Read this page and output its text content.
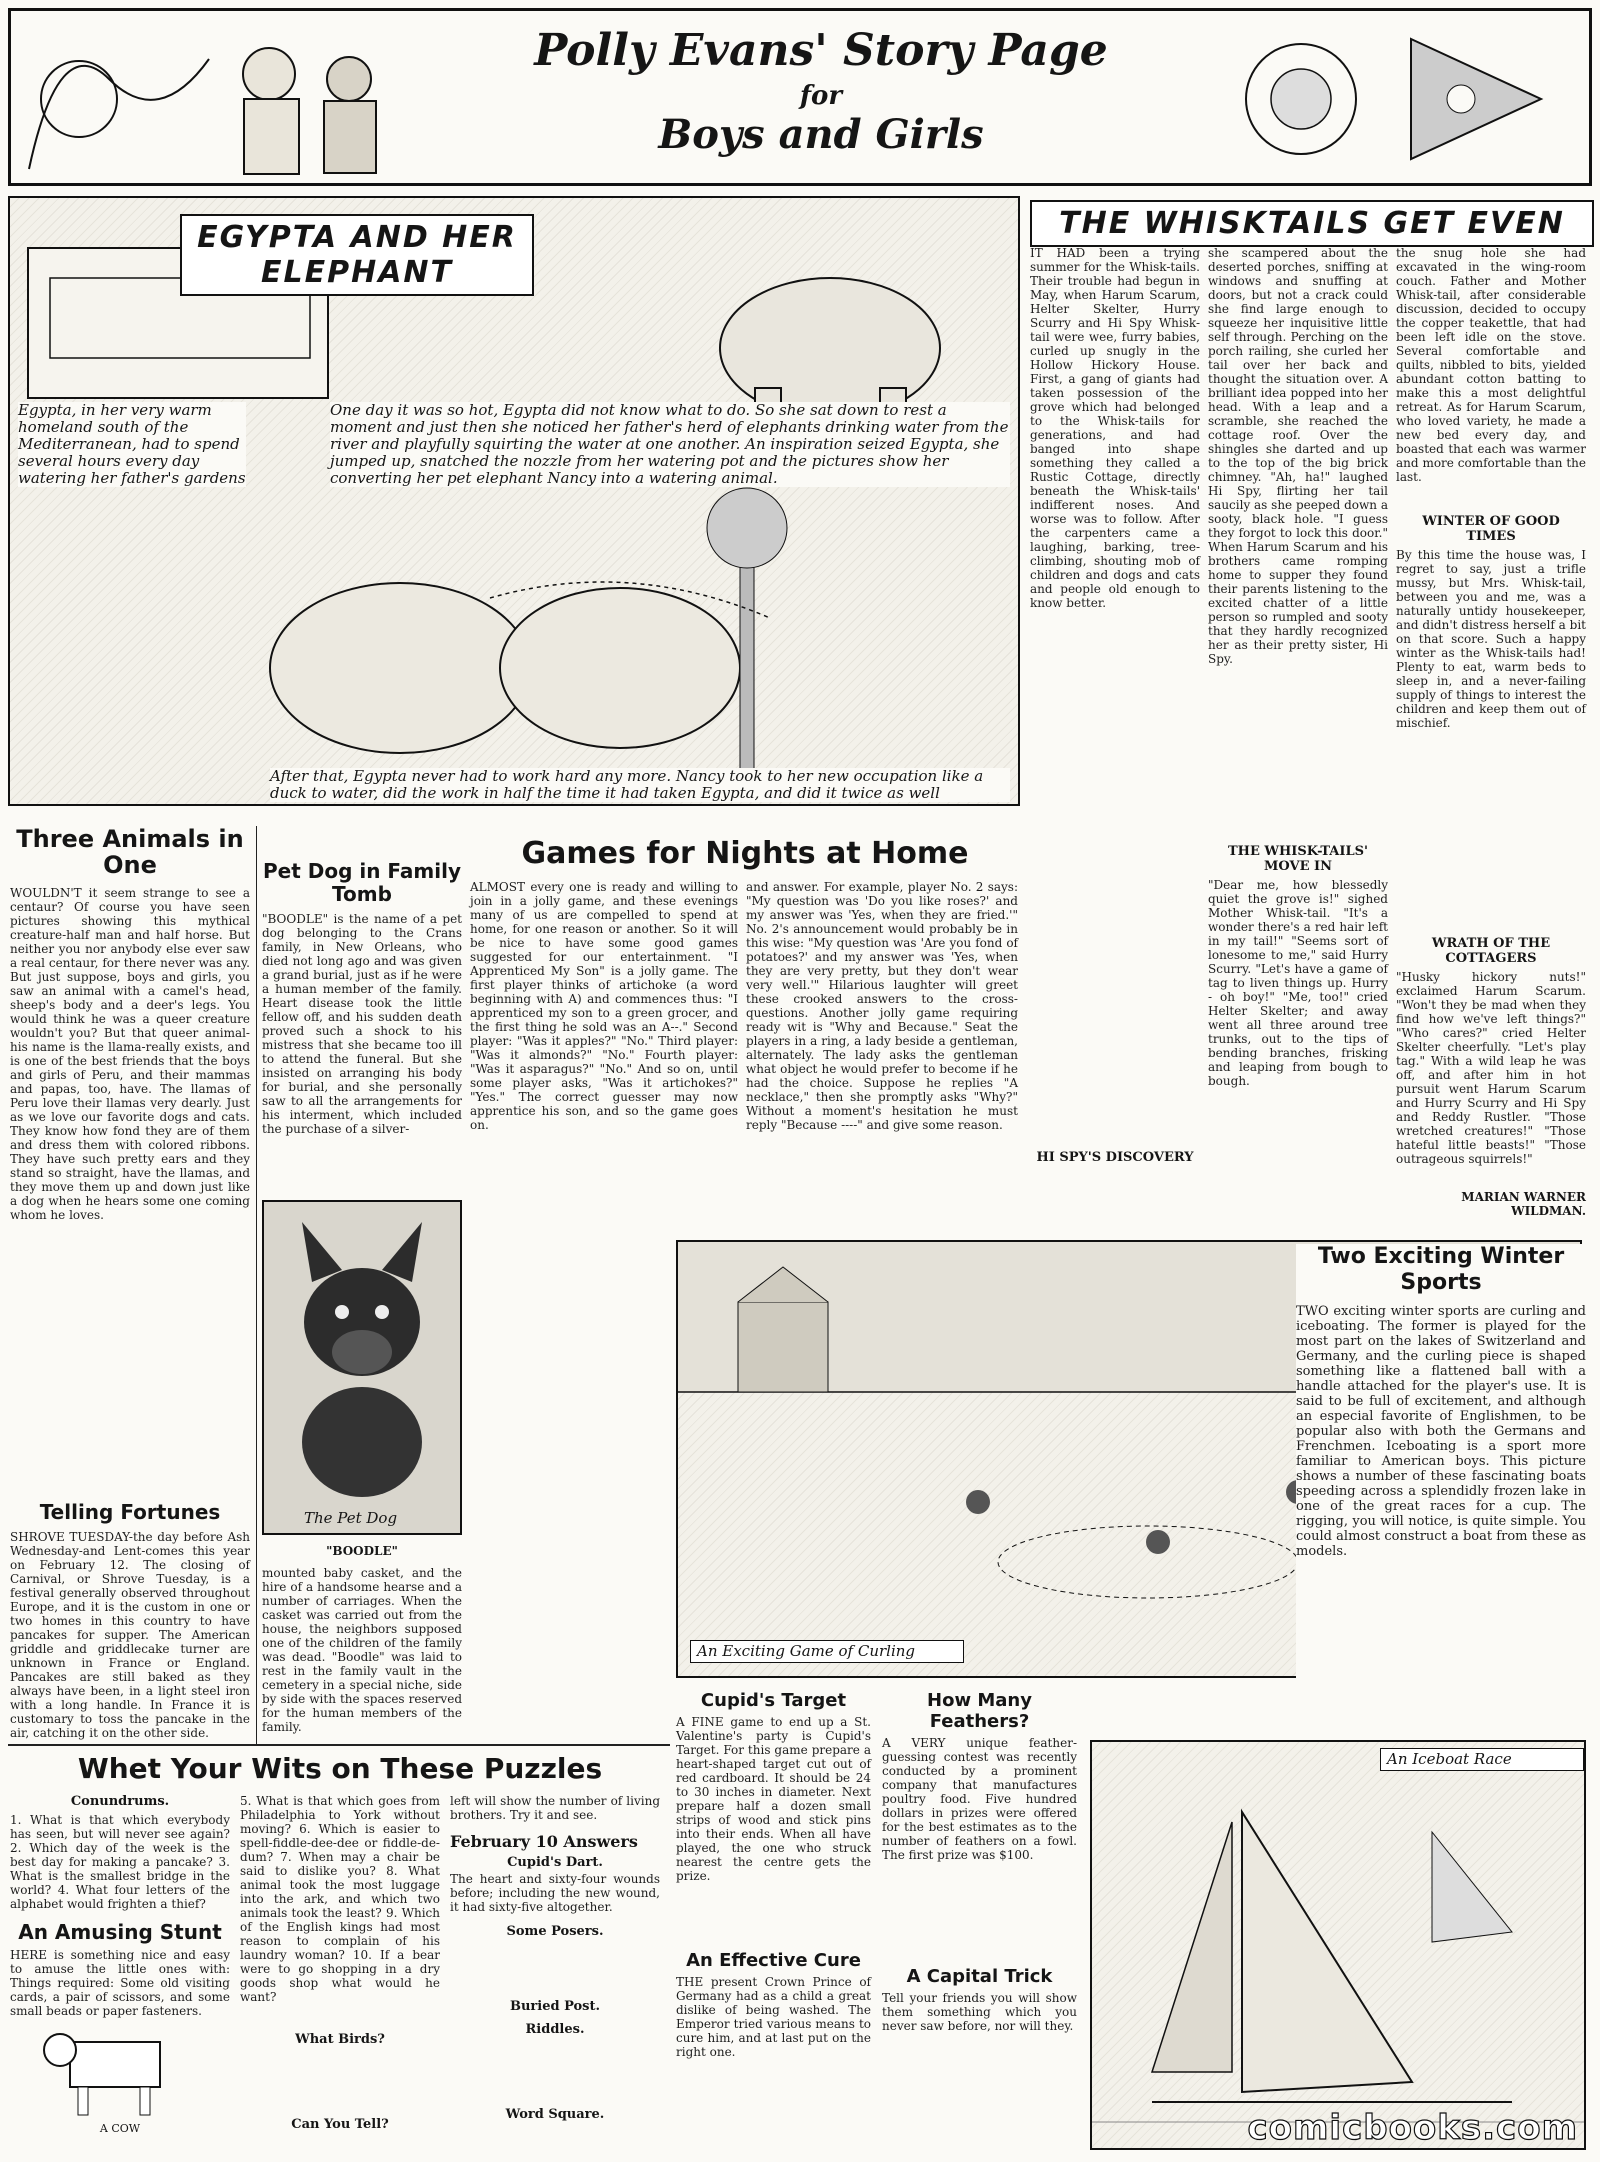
Polly Evans' Story Page
for
Boys and Girls
EGYPTA AND HER ELEPHANT
Egypta, in her very warm homeland south of the Mediterranean, had to spend several hours every day watering her father's gardens
One day it was so hot, Egypta did not know what to do. So she sat down to rest a moment and just then she noticed her father's herd of elephants drinking water from the river and playfully squirting the water at one another. An inspiration seized Egypta, she jumped up, snatched the nozzle from her watering pot and the pictures show her converting her pet elephant Nancy into a watering animal.
After that, Egypta never had to work hard any more. Nancy took to her new occupation like a duck to water, did the work in half the time it had taken Egypta, and did it twice as well
THE WHISKTAILS GET EVEN
IT HAD been a trying summer for the Whisk-tails. Their trouble had begun in May, when Harum Scarum, Helter Skelter, Hurry Scurry and Hi Spy Whisk-tail were wee, furry babies, curled up snugly in the Hollow Hickory House. First, a gang of giants had taken possession of the grove which had belonged to the Whisk-tails for generations, and had banged into shape something they called a Rustic Cottage, directly beneath the Whisk-tails' indifferent noses. And worse was to follow. After the carpenters came a laughing, barking, tree-climbing, shouting mob of children and dogs and cats and people old enough to know better.
she scampered about the deserted porches, sniffing at windows and snuffing at doors, but not a crack could she find large enough to squeeze her inquisitive little self through. Perching on the porch railing, she curled her tail over her back and thought the situation over. A brilliant idea popped into her head. With a leap and a scramble, she reached the cottage roof. Over the shingles she darted and up to the top of the big brick chimney. "Ah, ha!" laughed Hi Spy, flirting her tail saucily as she peeped down a sooty, black hole. "I guess they forgot to lock this door." When Harum Scarum and his brothers came romping home to supper they found their parents listening to the excited chatter of a little person so rumpled and sooty that they hardly recognized her as their pretty sister, Hi Spy.
THE WHISK-TAILS' MOVE IN
"Dear me, how blessedly quiet the grove is!" sighed Mother Whisk-tail. "It's a wonder there's a red hair left in my tail!" "Seems sort of lonesome to me," said Hurry Scurry. "Let's have a game of tag to liven things up. Hurry - oh boy!" "Me, too!" cried Helter Skelter; and away went all three around tree trunks, out to the tips of bending branches, frisking and leaping from bough to bough.
the snug hole she had excavated in the wing-room couch. Father and Mother Whisk-tail, after considerable discussion, decided to occupy the copper teakettle, that had been left idle on the stove. Several comfortable and quilts, nibbled to bits, yielded abundant cotton batting to make this a most delightful retreat. As for Harum Scarum, who loved variety, he made a new bed every day, and boasted that each was warmer and more comfortable than the last.
WINTER OF GOOD TIMES
By this time the house was, I regret to say, just a trifle mussy, but Mrs. Whisk-tail, between you and me, was a naturally untidy housekeeper, and didn't distress herself a bit on that score. Such a happy winter as the Whisk-tails had! Plenty to eat, warm beds to sleep in, and a never-failing supply of things to interest the children and keep them out of mischief.
WRATH OF THE COTTAGERS
"Husky hickory nuts!" exclaimed Harum Scarum. "Won't they be mad when they find how we've left things?" "Who cares?" cried Helter Skelter cheerfully. "Let's play tag." With a wild leap he was off, and after him in hot pursuit went Harum Scarum and Hurry Scurry and Hi Spy and Reddy Rustler. "Those wretched creatures!" "Those hateful little beasts!" "Those outrageous squirrels!"
MARIAN WARNER WILDMAN.
HI SPY'S DISCOVERY
Three Animals in One
WOULDN'T it seem strange to see a centaur? Of course you have seen pictures showing this mythical creature-half man and half horse. But neither you nor anybody else ever saw a real centaur, for there never was any. But just suppose, boys and girls, you saw an animal with a camel's head, sheep's body and a deer's legs. You would think he was a queer creature wouldn't you? But that queer animal-his name is the llama-really exists, and is one of the best friends that the boys and girls of Peru, and their mammas and papas, too, have. The llamas of Peru love their llamas very dearly. Just as we love our favorite dogs and cats. They know how fond they are of them and dress them with colored ribbons. They have such pretty ears and they stand so straight, have the llamas, and they move them up and down just like a dog when he hears some one coming whom he loves.
Telling Fortunes
SHROVE TUESDAY-the day before Ash Wednesday-and Lent-comes this year on February 12. The closing of Carnival, or Shrove Tuesday, is a festival generally observed throughout Europe, and it is the custom in one or two homes in this country to have pancakes for supper. The American griddle and griddlecake turner are unknown in France or England. Pancakes are still baked as they always have been, in a light steel iron with a long handle. In France it is customary to toss the pancake in the air, catching it on the other side.
Pet Dog in Family Tomb
"BOODLE" is the name of a pet dog belonging to the Crans family, in New Orleans, who died not long ago and was given a grand burial, just as if he were a human member of the family. Heart disease took the little fellow off, and his sudden death proved such a shock to his mistress that she became too ill to attend the funeral. But she insisted on arranging his body for burial, and she personally saw to all the arrangements for his interment, which included the purchase of a silver-
The Pet Dog
"BOODLE"
mounted baby casket, and the hire of a handsome hearse and a number of carriages. When the casket was carried out from the house, the neighbors supposed one of the children of the family was dead. "Boodle" was laid to rest in the family vault in the cemetery in a special niche, side by side with the spaces reserved for the human members of the family.
Games for Nights at Home
ALMOST every one is ready and willing to join in a jolly game, and these evenings many of us are compelled to spend at home, for one reason or another. So it will be nice to have some good games suggested for our entertainment. "I Apprenticed My Son" is a jolly game. The first player thinks of artichoke (a word beginning with A) and commences thus: "I apprenticed my son to a green grocer, and the first thing he sold was an A--." Second player: "Was it apples?" "No." Third player: "Was it almonds?" "No." Fourth player: "Was it asparagus?" "No." And so on, until some player asks, "Was it artichokes?" "Yes." The correct guesser may now apprentice his son, and so the game goes on.
and answer. For example, player No. 2 says: "My question was 'Do you like roses?' and my answer was 'Yes, when they are fried.'" No. 2's announcement would probably be in this wise: "My question was 'Are you fond of potatoes?' and my answer was 'Yes, when they are very pretty, but they don't wear very well.'" Hilarious laughter will greet these crooked answers to the cross-questions. Another jolly game requiring ready wit is "Why and Because." Seat the players in a ring, a lady beside a gentleman, alternately. The lady asks the gentleman what object he would prefer to become if he had the choice. Suppose he replies "A necklace," then she promptly asks "Why?" Without a moment's hesitation he must reply "Because ----" and give some reason.
An Exciting Game of Curling
Two Exciting Winter Sports
TWO exciting winter sports are curling and iceboating. The former is played for the most part on the lakes of Switzerland and Germany, and the curling piece is shaped something like a flattened ball with a handle attached for the player's use. It is said to be full of excitement, and although an especial favorite of Englishmen, to be popular also with both the Germans and Frenchmen. Iceboating is a sport more familiar to American boys. This picture shows a number of these fascinating boats speeding across a splendidly frozen lake in one of the great races for a cup. The rigging, you will notice, is quite simple. You could almost construct a boat from these as models.
Whet Your Wits on These Puzzles
Conundrums.
1. What is that which everybody has seen, but will never see again? 2. Which day of the week is the best day for making a pancake? 3. What is the smallest bridge in the world? 4. What four letters of the alphabet would frighten a thief?
5. What is that which goes from Philadelphia to York without moving? 6. Which is easier to spell-fiddle-dee-dee or fiddle-de-dum? 7. When may a chair be said to dislike you? 8. What animal took the most luggage into the ark, and which two animals took the least? 9. Which of the English kings had most reason to complain of his laundry woman? 10. If a bear were to go shopping in a dry goods shop what would he want?
What Birds?
Can You Tell?
left will show the number of living brothers. Try it and see.
February 10 Answers
Cupid's Dart.
The heart and sixty-four wounds before; including the new wound, it had sixty-five altogether.
Some Posers.
Buried Post.
Riddles.
Word Square.
An Amusing Stunt
HERE is something nice and easy to amuse the little ones with: Things required: Some old visiting cards, a pair of scissors, and some small beads or paper fasteners.
A COW
Cupid's Target
A FINE game to end up a St. Valentine's party is Cupid's Target. For this game prepare a heart-shaped target cut out of red cardboard. It should be 24 to 30 inches in diameter. Next prepare half a dozen small strips of wood and stick pins into their ends. When all have played, the one who struck nearest the centre gets the prize.
An Effective Cure
THE present Crown Prince of Germany had as a child a great dislike of being washed. The Emperor tried various means to cure him, and at last put on the right one.
How Many Feathers?
A VERY unique feather-guessing contest was recently conducted by a prominent company that manufactures poultry food. Five hundred dollars in prizes were offered for the best estimates as to the number of feathers on a fowl. The first prize was $100.
A Capital Trick
Tell your friends you will show them something which you never saw before, nor will they.
An Iceboat Race
comicbooks.com
